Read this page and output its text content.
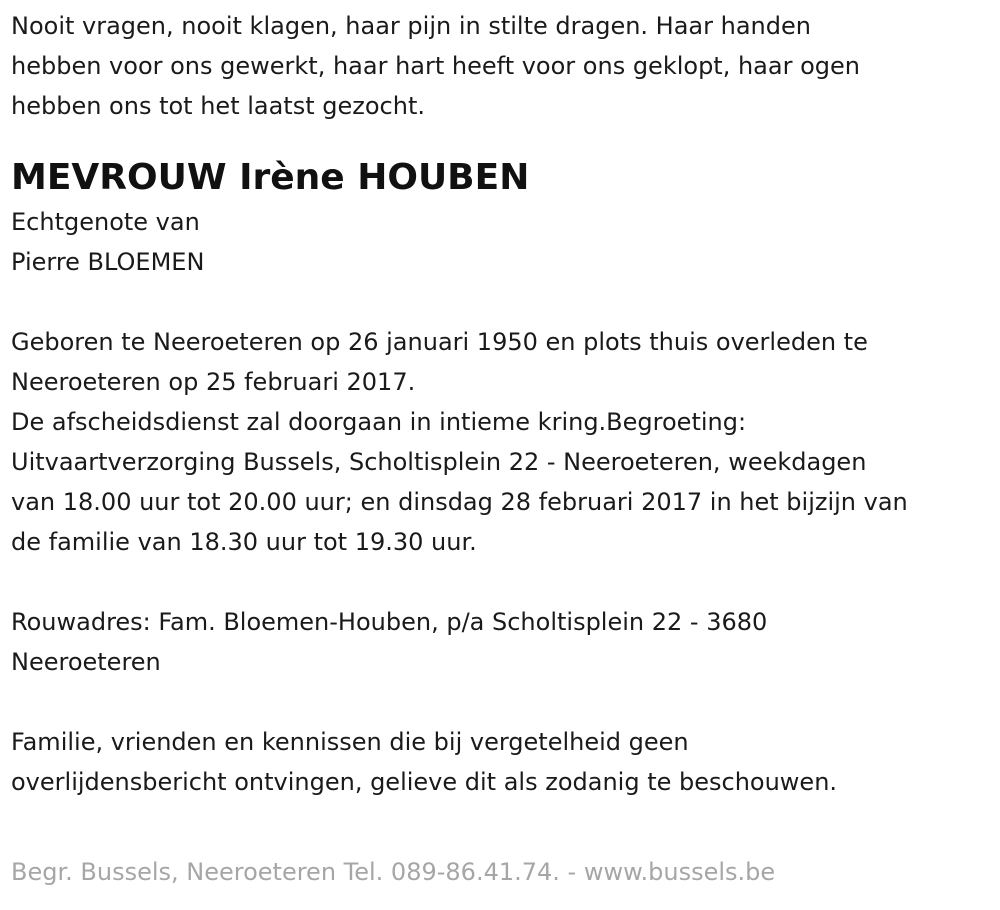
Nooit vragen, nooit klagen, haar pijn in stilte dragen. Haar handen
hebben voor ons gewerkt, haar hart heeft voor ons geklopt, haar ogen
hebben ons tot het laatst gezocht.

MEVROUW Irène HOUBEN

Echtgenote van
Pierre BLOEMEN

Geboren te Neeroeteren op 26 januari 1950 en plots thuis overleden te
Neeroeteren op 25 februari 2017.
De afscheidsdienst zal doorgaan in intieme kring.Begroeting:
Uitvaartverzorging Bussels, Scholtisplein 22 - Neeroeteren, weekdagen
van 18.00 uur tot 20.00 uur; en dinsdag 28 februari 2017 in het bijzijn van
de familie van 18.30 uur tot 19.30 uur.

Rouwadres: Fam. Bloemen-Houben, p/a Scholtisplein 22 - 3680
Neeroeteren

Familie, vrienden en kennissen die bij vergetelheid geen
overlijdensbericht ontvingen, gelieve dit als zodanig te beschouwen.

Begr. Bussels, Neeroeteren Tel. 089-86.41.74. - www.bussels.be
